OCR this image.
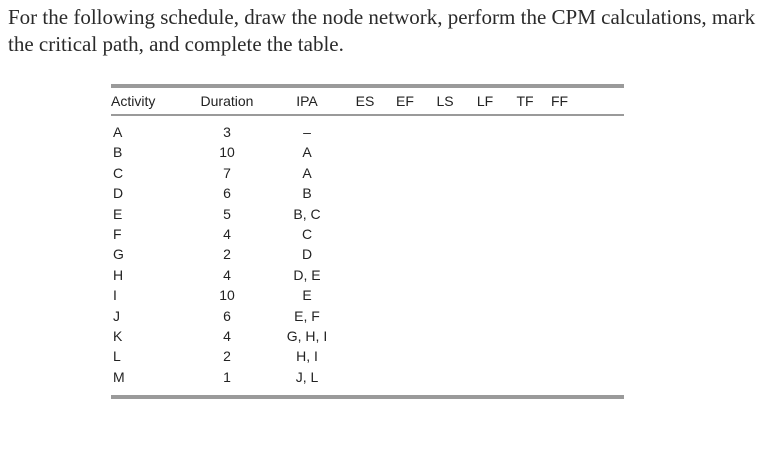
For the following schedule, draw the node network, perform the CPM calculations, mark the critical path, and complete the table.
Activity	Duration	IPA	ES	EF	LS	LF	TF	FF

A	3	–						
B	10	A						
C	7	A						
D	6	B						
E	5	B, C						
F	4	C						
G	2	D						
H	4	D, E						
I	10	E						
J	6	E, F						
K	4	G, H, I						
L	2	H, I						
M	1	J, L						
